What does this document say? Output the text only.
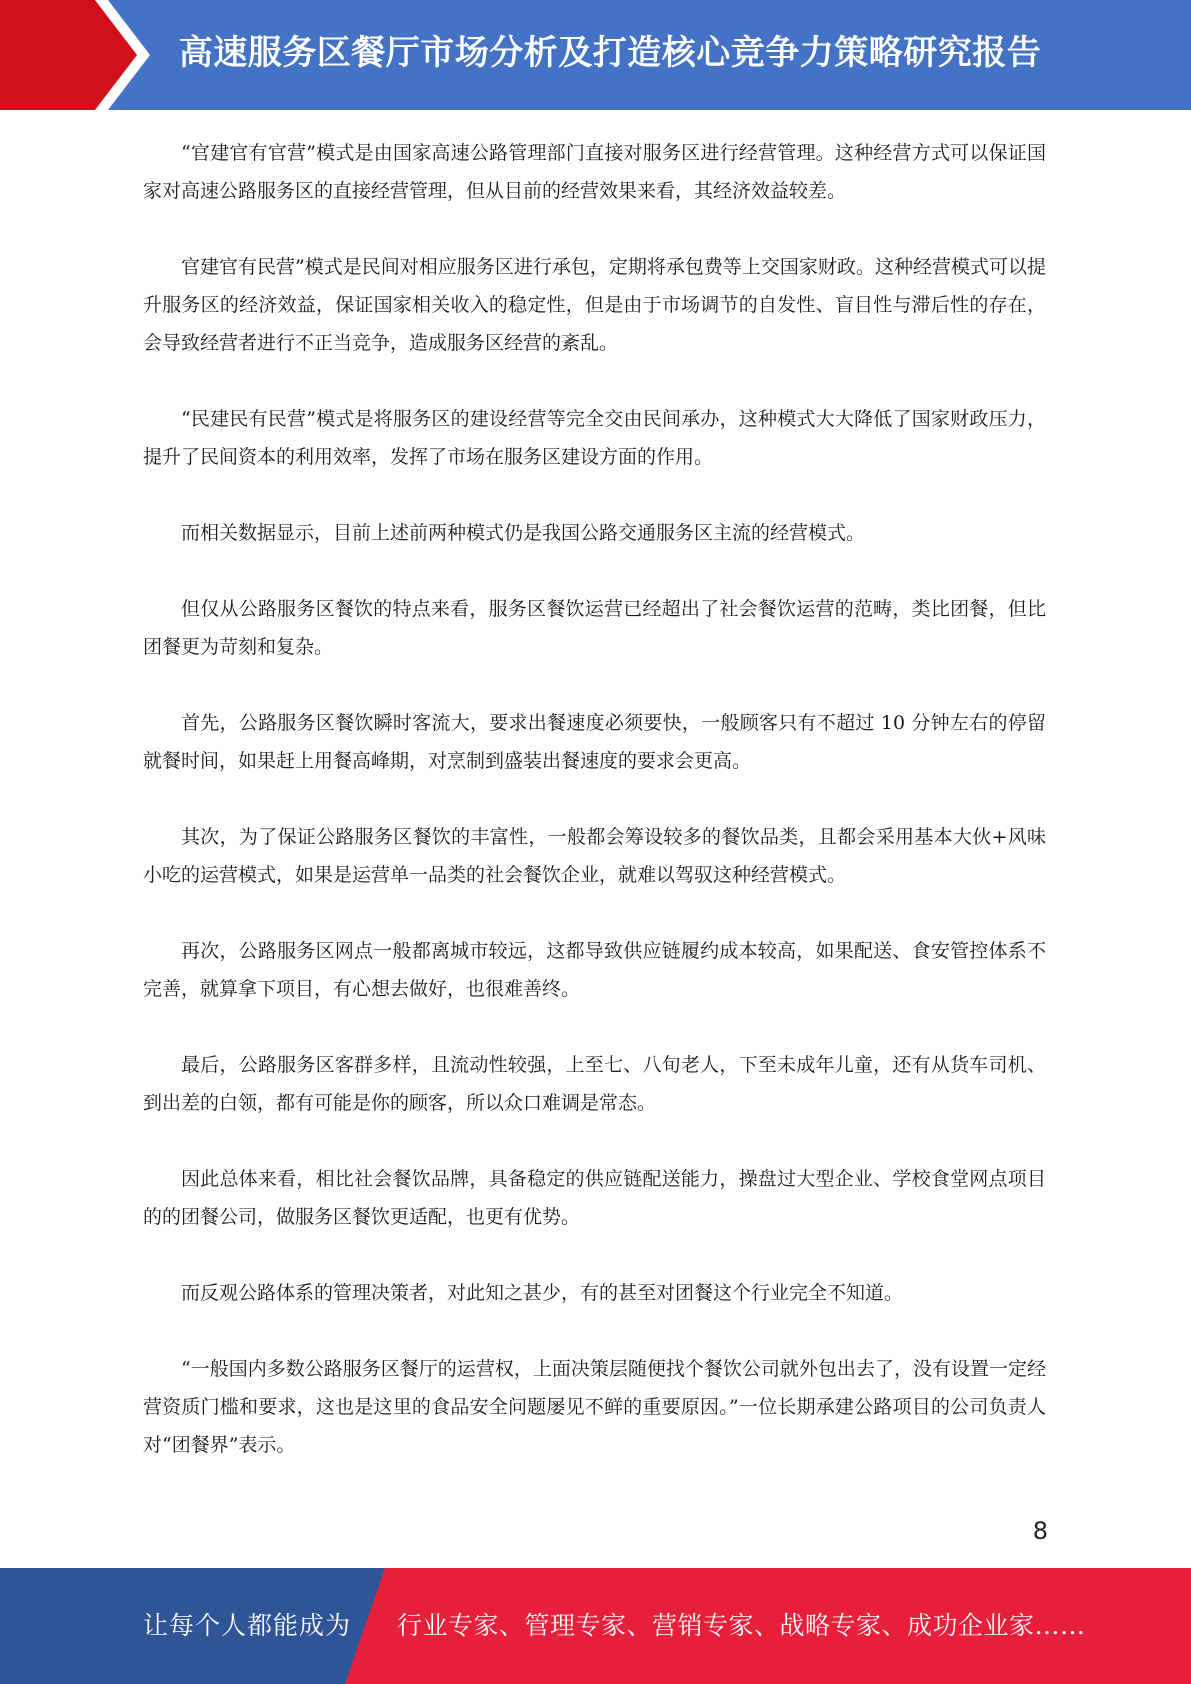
高速服务区餐厅市场分析及打造核心竞争力策略研究报告

“官建官有官营”模式是由国家高速公路管理部门直接对服务区进行经营管理。这种经营方式可以保证国家对高速公路服务区的直接经营管理，但从目前的经营效果来看，其经济效益较差。

官建官有民营”模式是民间对相应服务区进行承包，定期将承包费等上交国家财政。这种经营模式可以提升服务区的经济效益，保证国家相关收入的稳定性，但是由于市场调节的自发性、盲目性与滞后性的存在，会导致经营者进行不正当竞争，造成服务区经营的紊乱。

“民建民有民营”模式是将服务区的建设经营等完全交由民间承办，这种模式大大降低了国家财政压力，提升了民间资本的利用效率，发挥了市场在服务区建设方面的作用。

而相关数据显示，目前上述前两种模式仍是我国公路交通服务区主流的经营模式。

但仅从公路服务区餐饮的特点来看，服务区餐饮运营已经超出了社会餐饮运营的范畴，类比团餐，但比团餐更为苛刻和复杂。

首先，公路服务区餐饮瞬时客流大，要求出餐速度必须要快，一般顾客只有不超过 10 分钟左右的停留就餐时间，如果赶上用餐高峰期，对烹制到盛装出餐速度的要求会更高。

其次，为了保证公路服务区餐饮的丰富性，一般都会筹设较多的餐饮品类，且都会采用基本大伙+风味小吃的运营模式，如果是运营单一品类的社会餐饮企业，就难以驾驭这种经营模式。

再次，公路服务区网点一般都离城市较远，这都导致供应链履约成本较高，如果配送、食安管控体系不完善，就算拿下项目，有心想去做好，也很难善终。

最后，公路服务区客群多样，且流动性较强，上至七、八旬老人，下至未成年儿童，还有从货车司机、到出差的白领，都有可能是你的顾客，所以众口难调是常态。

因此总体来看，相比社会餐饮品牌，具备稳定的供应链配送能力，操盘过大型企业、学校食堂网点项目的的团餐公司，做服务区餐饮更适配，也更有优势。

而反观公路体系的管理决策者，对此知之甚少，有的甚至对团餐这个行业完全不知道。

“一般国内多数公路服务区餐厅的运营权，上面决策层随便找个餐饮公司就外包出去了，没有设置一定经营资质门槛和要求，这也是这里的食品安全问题屡见不鲜的重要原因。”一位长期承建公路项目的公司负责人对“团餐界”表示。

8
让每个人都能成为 行业专家、管理专家、营销专家、战略专家、成功企业家……
